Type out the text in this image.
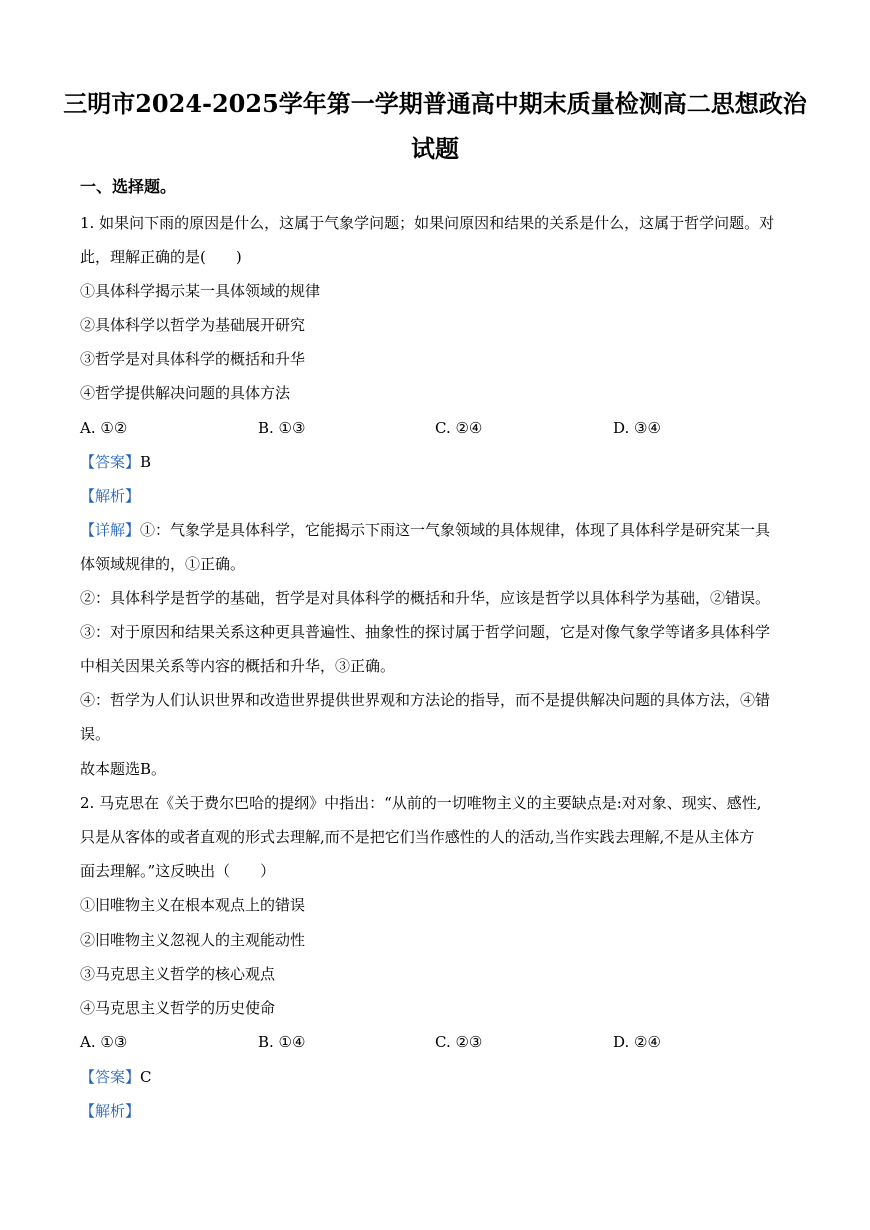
三明市2024-2025学年第一学期普通高中期末质量检测高二思想政治
试题
一、选择题。
1. 如果问下雨的原因是什么，这属于气象学问题；如果问原因和结果的关系是什么，这属于哲学问题。对
此，理解正确的是(　　)
①具体科学揭示某一具体领域的规律
②具体科学以哲学为基础展开研究
③哲学是对具体科学的概括和升华
④哲学提供解决问题的具体方法
A. ①②	B. ①③	C. ②④	D. ③④
【答案】B
【解析】
【详解】①：气象学是具体科学，它能揭示下雨这一气象领域的具体规律，体现了具体科学是研究某一具
体领域规律的，①正确。
②：具体科学是哲学的基础，哲学是对具体科学的概括和升华，应该是哲学以具体科学为基础，②错误。
③：对于原因和结果关系这种更具普遍性、抽象性的探讨属于哲学问题，它是对像气象学等诸多具体科学
中相关因果关系等内容的概括和升华，③正确。
④：哲学为人们认识世界和改造世界提供世界观和方法论的指导，而不是提供解决问题的具体方法，④错
误。
故本题选B。
2. 马克思在《关于费尔巴哈的提纲》中指出：“从前的一切唯物主义的主要缺点是:对对象、现实、感性,
只是从客体的或者直观的形式去理解,而不是把它们当作感性的人的活动,当作实践去理解,不是从主体方
面去理解。”这反映出（　　）
①旧唯物主义在根本观点上的错误
②旧唯物主义忽视人的主观能动性
③马克思主义哲学的核心观点
④马克思主义哲学的历史使命
A. ①③	B. ①④	C. ②③	D. ②④
【答案】C
【解析】
